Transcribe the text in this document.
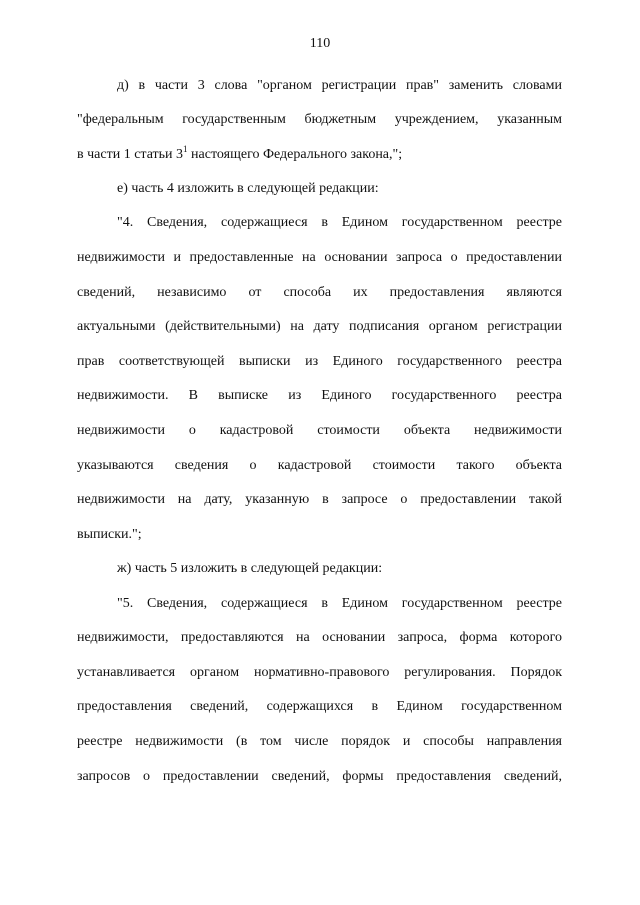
110
д) в части 3 слова "органом регистрации прав" заменить словами
"федеральным государственным бюджетным учреждением, указанным
в части 1 статьи $3^1$ настоящего Федерального закона,";
е) часть 4 изложить в следующей редакции:
"4. Сведения, содержащиеся в Едином государственном реестре
недвижимости и предоставленные на основании запроса о предоставлении
сведений, независимо от способа их предоставления являются
актуальными (действительными) на дату подписания органом регистрации
прав соответствующей выписки из Единого государственного реестра
недвижимости. В выписке из Единого государственного реестра
недвижимости о кадастровой стоимости объекта недвижимости
указываются сведения о кадастровой стоимости такого объекта
недвижимости на дату, указанную в запросе о предоставлении такой
выписки.";
ж) часть 5 изложить в следующей редакции:
"5. Сведения, содержащиеся в Едином государственном реестре
недвижимости, предоставляются на основании запроса, форма которого
устанавливается органом нормативно-правового регулирования. Порядок
предоставления сведений, содержащихся в Едином государственном
реестре недвижимости (в том числе порядок и способы направления
запросов о предоставлении сведений, формы предоставления сведений,
